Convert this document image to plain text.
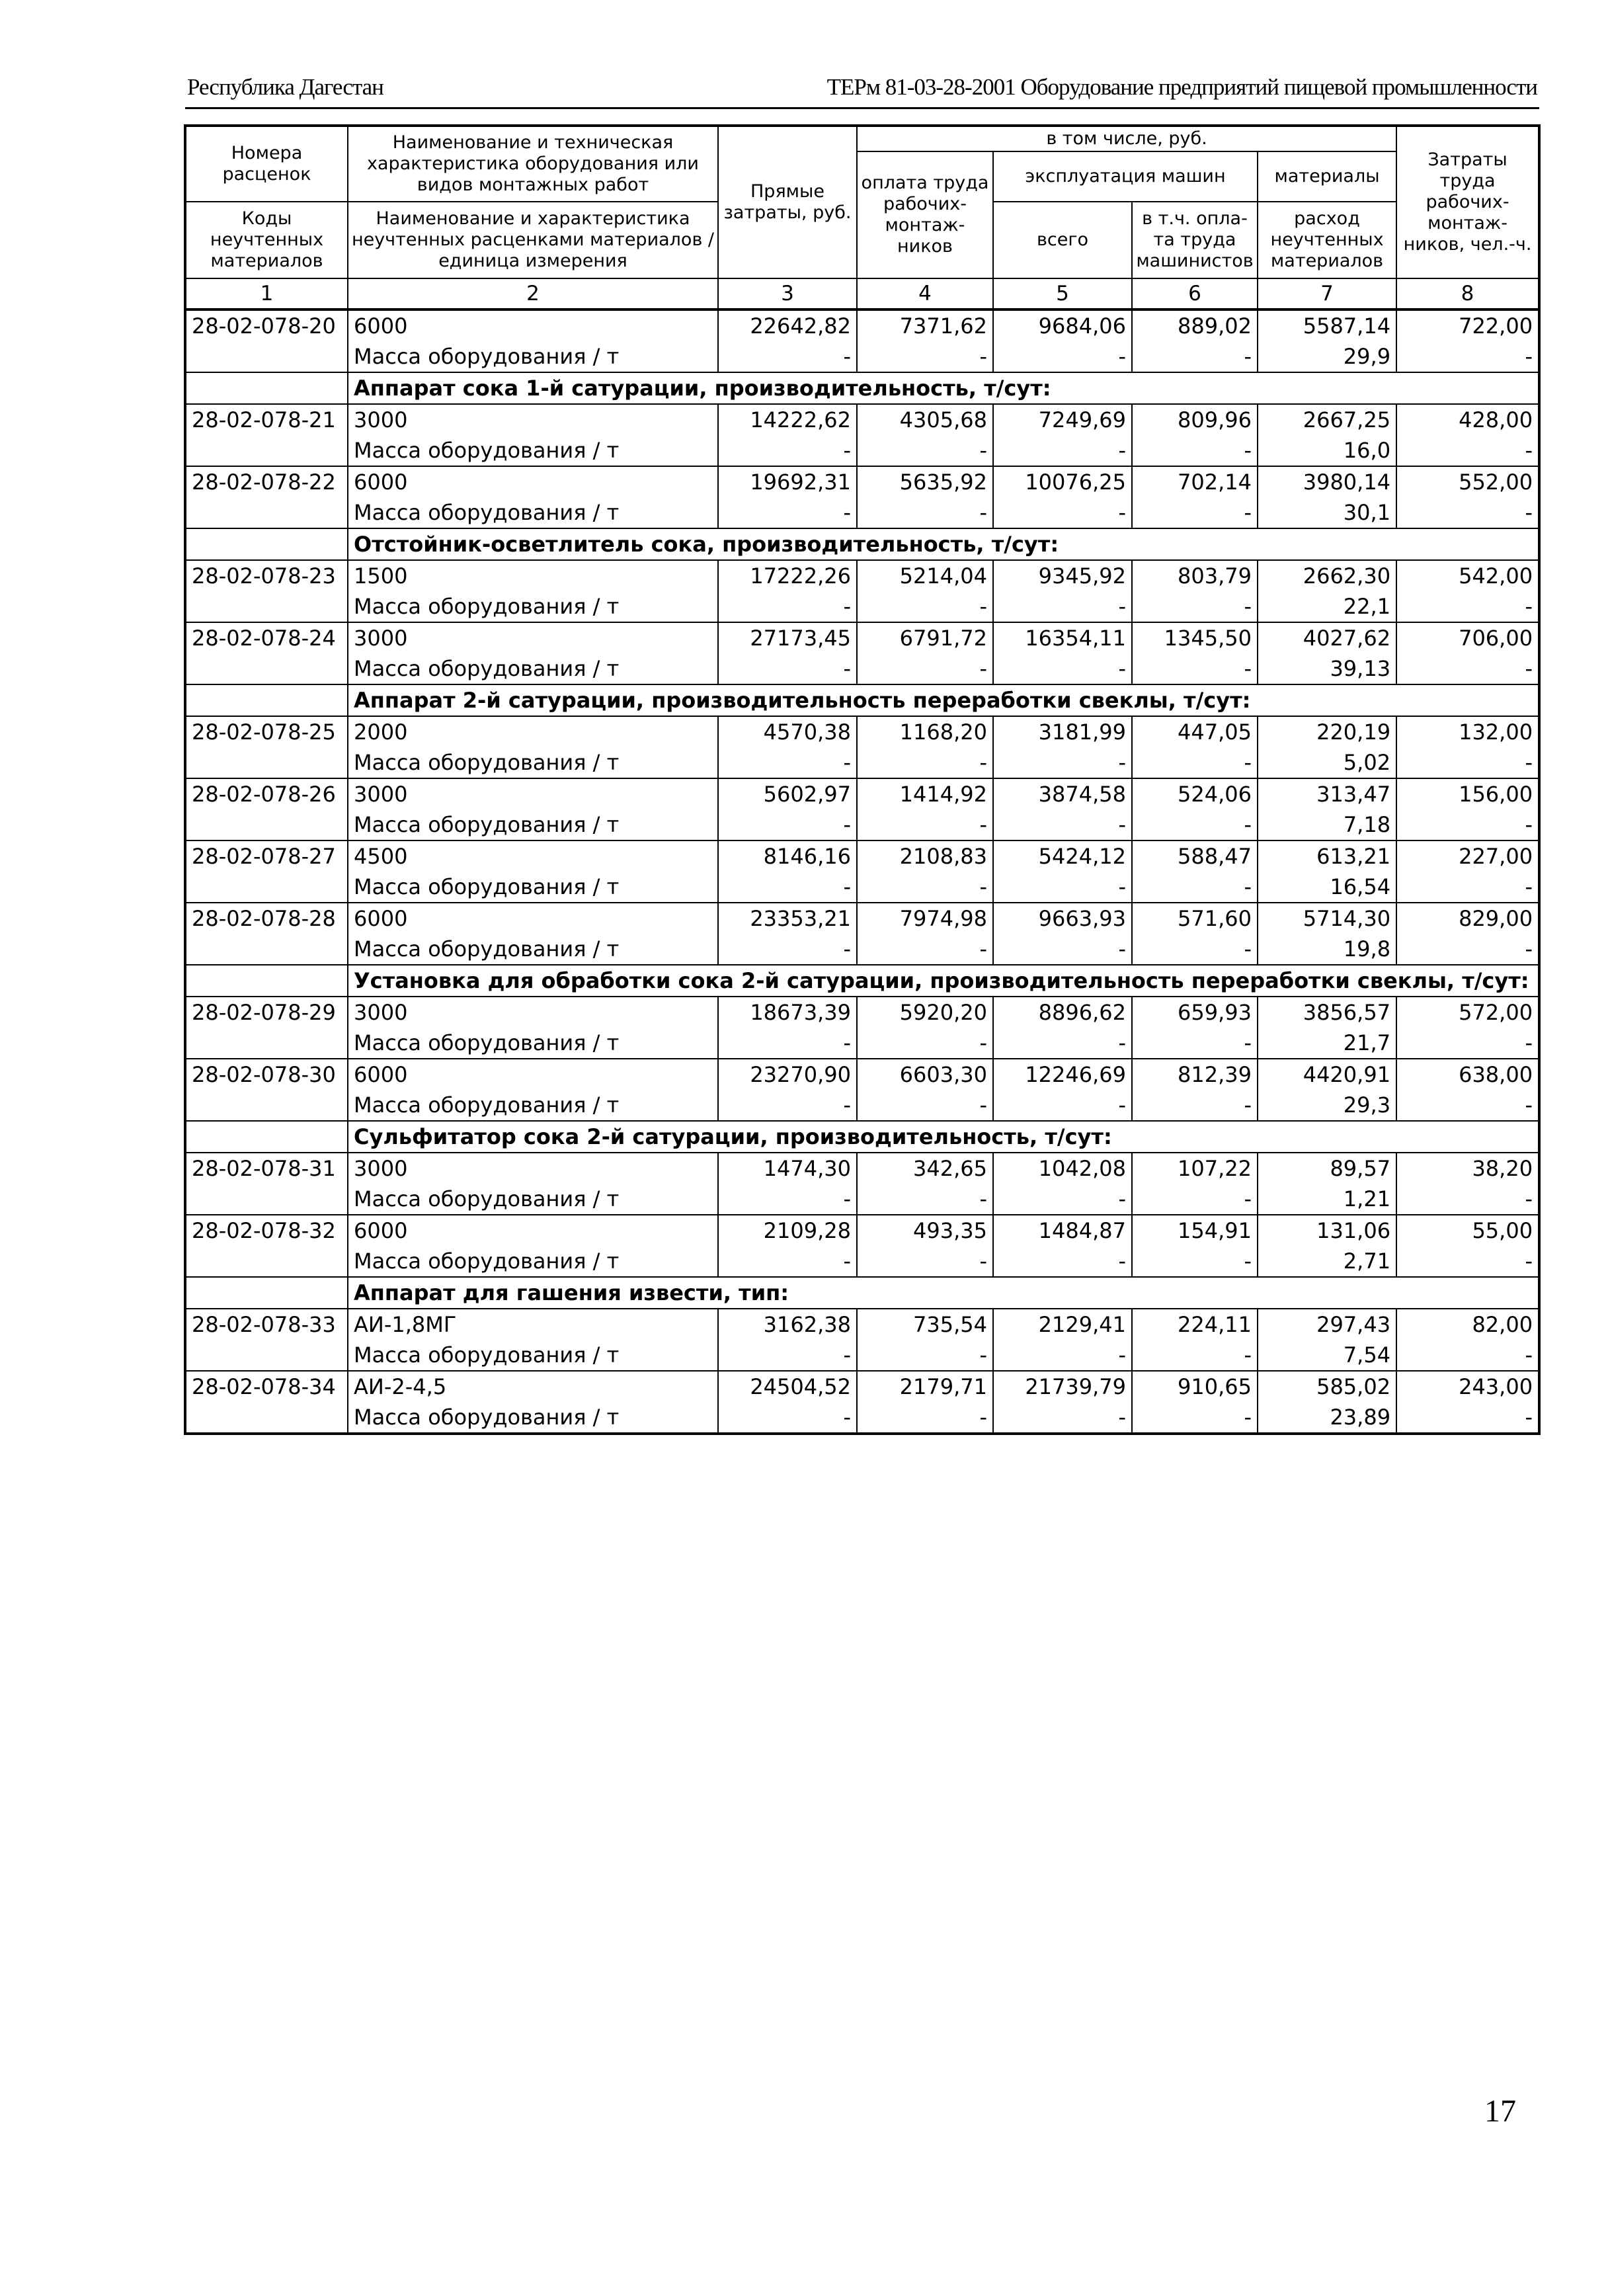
Республика Дагестан	ТЕРм 81-03-28-2001 Оборудование предприятий пищевой промышленности
Номера расценок	Наименование и техническая характеристика оборудования или видов монтажных работ	Прямые затраты, руб.	в том числе, руб.				Затраты труда рабочих-монтаж-ников, чел.-ч.
			оплата труда рабочих-монтаж-ников	эксплуатация машин		материалы	
Коды неучтенных материалов	Наименование и характеристика неучтенных расценками материалов / единица измерения			всего	в т.ч. опла-та труда машинистов	расход неучтенных материалов	

1	2	3	4	5	6	7	8
28-02-078-20	6000	22642,82	7371,62	9684,06	889,02	5587,14	722,00
	Масса оборудования / т	-	-	-	-	29,9	-
	Аппарат сока 1-й сатурации, производительность, т/сут:						
28-02-078-21	3000	14222,62	4305,68	7249,69	809,96	2667,25	428,00
	Масса оборудования / т	-	-	-	-	16,0	-
28-02-078-22	6000	19692,31	5635,92	10076,25	702,14	3980,14	552,00
	Масса оборудования / т	-	-	-	-	30,1	-
	Отстойник-осветлитель сока, производительность, т/сут:						
28-02-078-23	1500	17222,26	5214,04	9345,92	803,79	2662,30	542,00
	Масса оборудования / т	-	-	-	-	22,1	-
28-02-078-24	3000	27173,45	6791,72	16354,11	1345,50	4027,62	706,00
	Масса оборудования / т	-	-	-	-	39,13	-
	Аппарат 2-й сатурации, производительность переработки свеклы, т/сут:						
28-02-078-25	2000	4570,38	1168,20	3181,99	447,05	220,19	132,00
	Масса оборудования / т	-	-	-	-	5,02	-
28-02-078-26	3000	5602,97	1414,92	3874,58	524,06	313,47	156,00
	Масса оборудования / т	-	-	-	-	7,18	-
28-02-078-27	4500	8146,16	2108,83	5424,12	588,47	613,21	227,00
	Масса оборудования / т	-	-	-	-	16,54	-
28-02-078-28	6000	23353,21	7974,98	9663,93	571,60	5714,30	829,00
	Масса оборудования / т	-	-	-	-	19,8	-
	Установка для обработки сока 2-й сатурации, производительность переработки свеклы, т/сут:						
28-02-078-29	3000	18673,39	5920,20	8896,62	659,93	3856,57	572,00
	Масса оборудования / т	-	-	-	-	21,7	-
28-02-078-30	6000	23270,90	6603,30	12246,69	812,39	4420,91	638,00
	Масса оборудования / т	-	-	-	-	29,3	-
	Сульфитатор сока 2-й сатурации, производительность, т/сут:						
28-02-078-31	3000	1474,30	342,65	1042,08	107,22	89,57	38,20
	Масса оборудования / т	-	-	-	-	1,21	-
28-02-078-32	6000	2109,28	493,35	1484,87	154,91	131,06	55,00
	Масса оборудования / т	-	-	-	-	2,71	-
	Аппарат для гашения извести, тип:						
28-02-078-33	АИ-1,8МГ	3162,38	735,54	2129,41	224,11	297,43	82,00
	Масса оборудования / т	-	-	-	-	7,54	-
28-02-078-34	АИ-2-4,5	24504,52	2179,71	21739,79	910,65	585,02	243,00
	Масса оборудования / т	-	-	-	-	23,89	-
17
